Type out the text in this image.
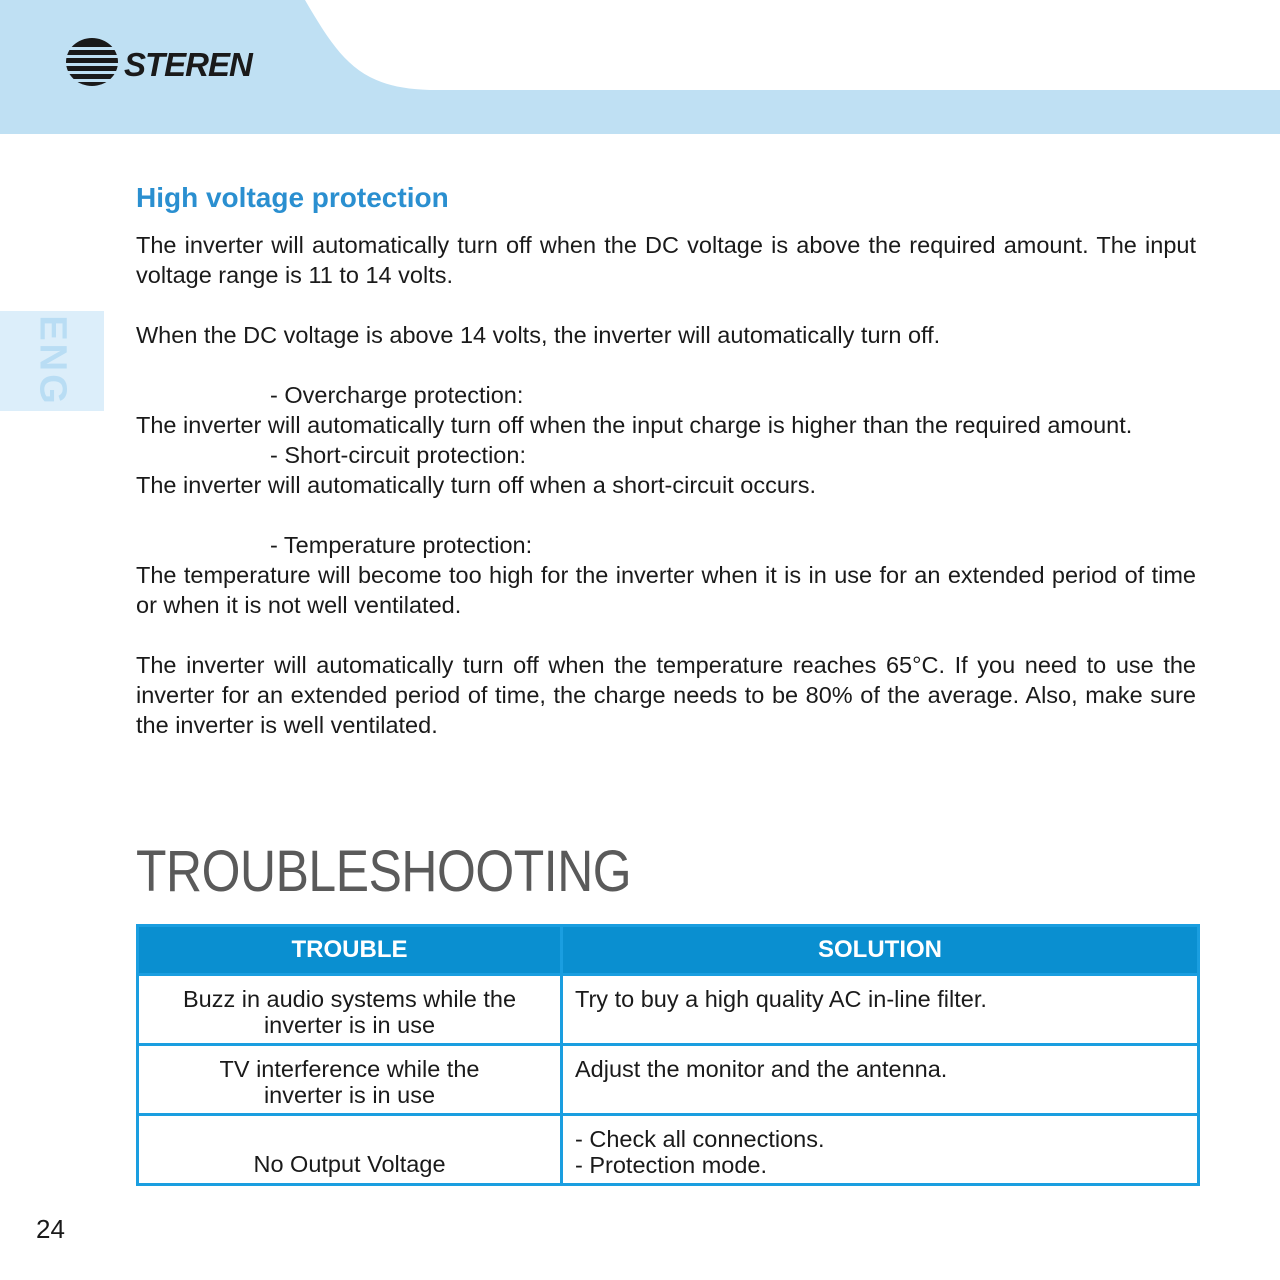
STEREN
ENG
High voltage protection

The inverter will automatically turn off when the DC voltage is above the required amount. The input voltage range is 11 to 14 volts.

When the DC voltage is above 14 volts, the inverter will automatically turn off.

- Overcharge protection:

The inverter will automatically turn off when the input charge is higher than the required amount.

- Short-circuit protection:

The inverter will automatically turn off when a short-circuit occurs.

- Temperature protection:

The temperature will become too high for the inverter when it is in use for an extended period of time or when it is not well ventilated.

The inverter will automatically turn off when the temperature reaches 65°C. If you need to use the inverter for an extended period of time, the charge needs to be 80% of the average. Also, make sure the inverter is well ventilated.

TROUBLESHOOTING
TROUBLE	SOLUTION

Buzz in audio systems while the
inverter is in use	Try to buy a high quality AC in-line filter.

TV interference while the
inverter is in use	Adjust the monitor and the antenna.

No Output Voltage	- Check all connections.
- Protection mode.
24
